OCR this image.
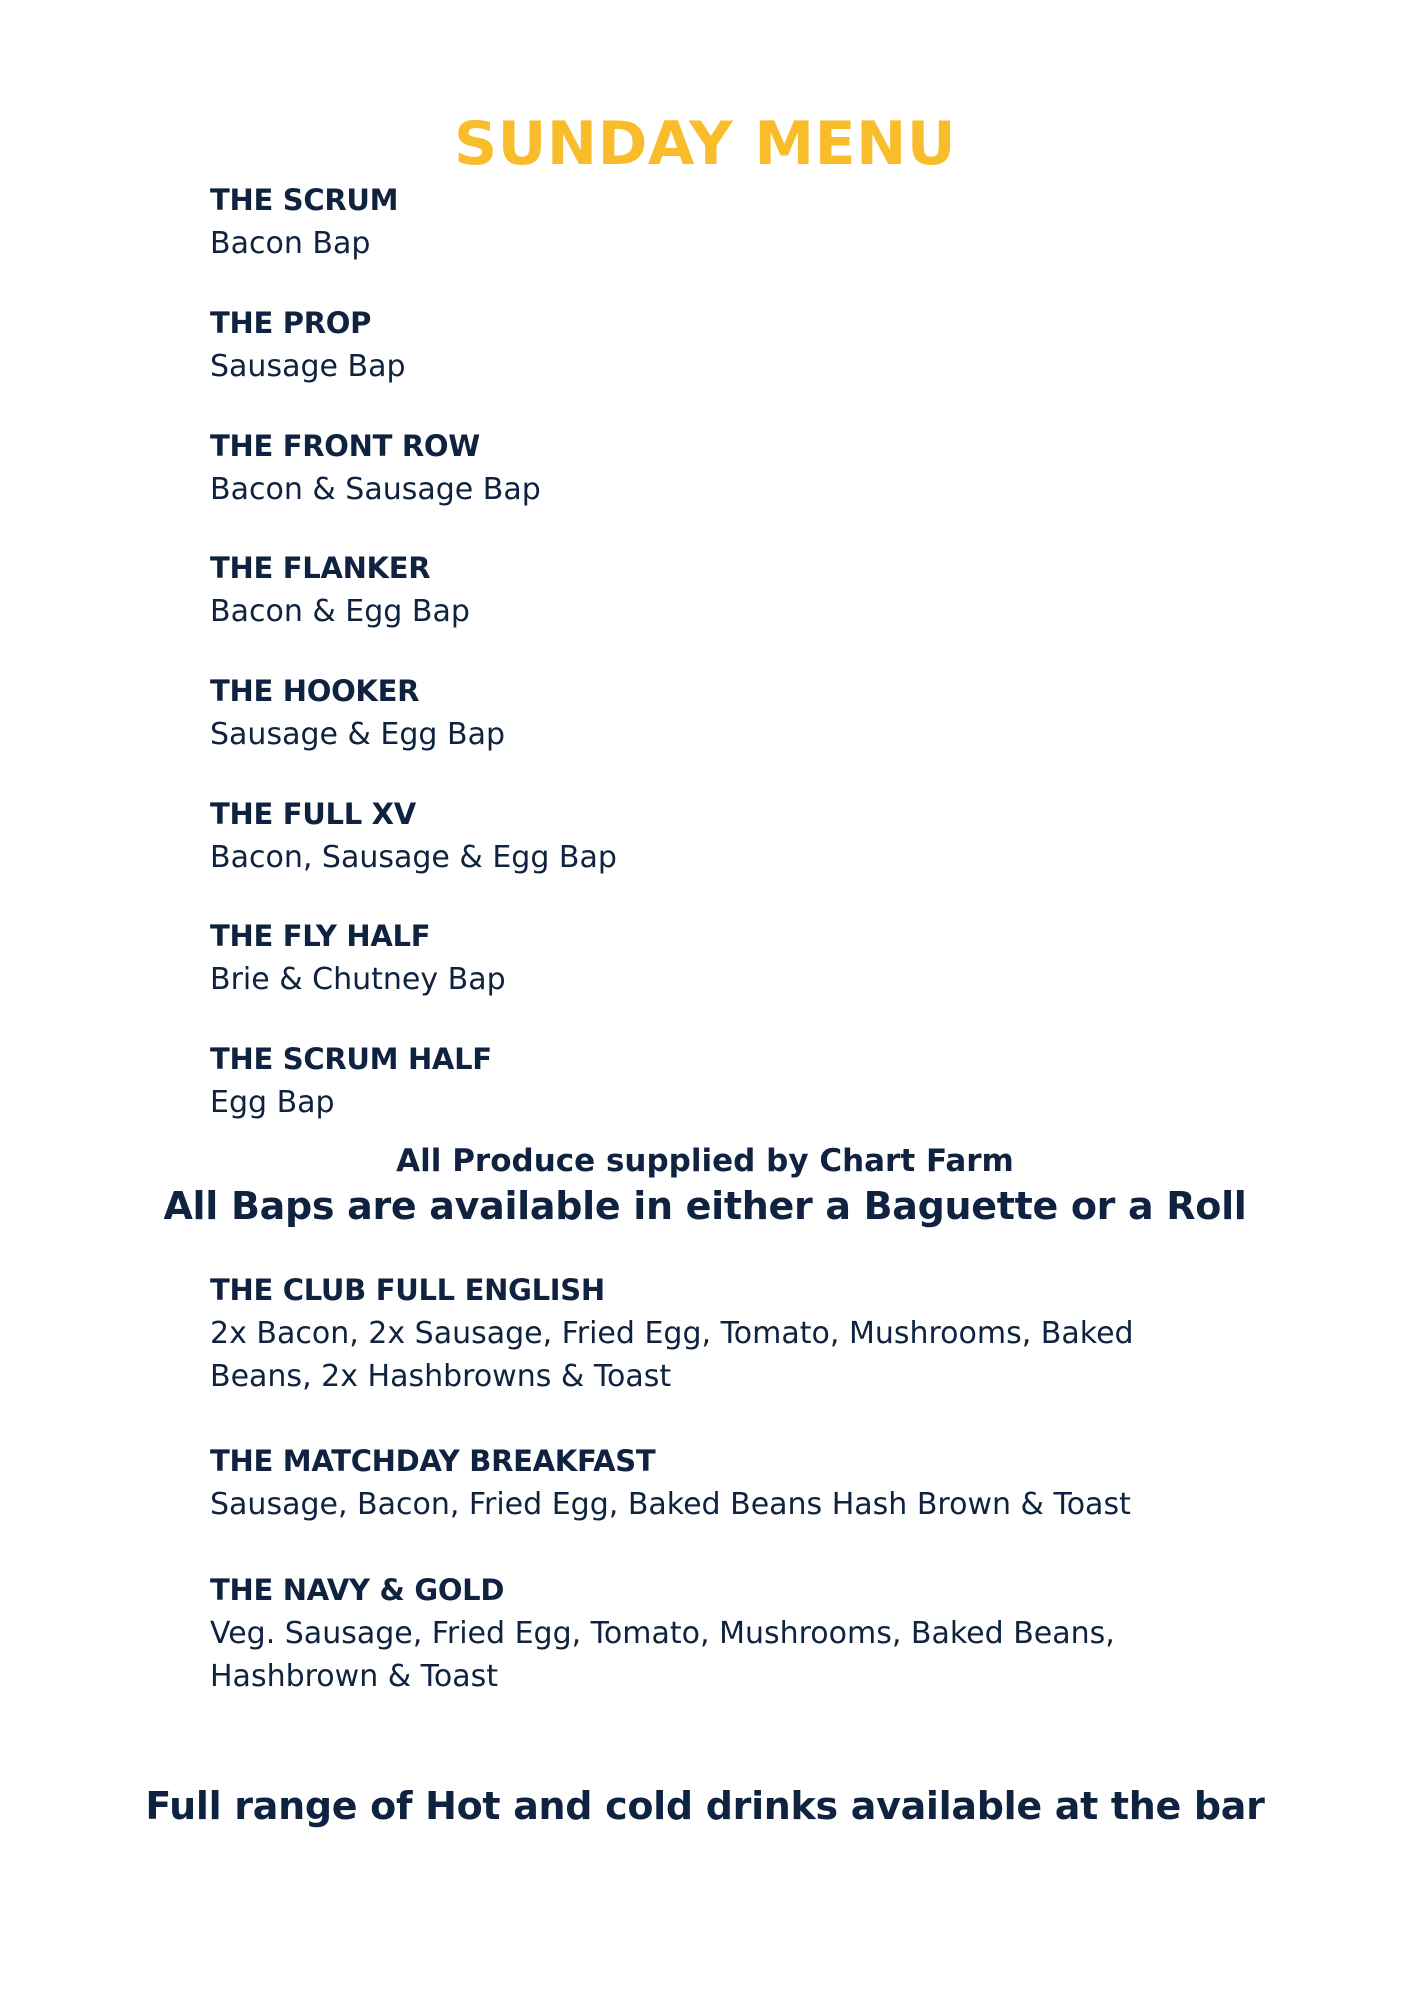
SUNDAY MENU
THE SCRUM
Bacon Bap
THE PROP
Sausage Bap
THE FRONT ROW
Bacon & Sausage Bap
THE FLANKER
Bacon & Egg Bap
THE HOOKER
Sausage & Egg Bap
THE FULL XV
Bacon, Sausage & Egg Bap
THE FLY HALF
Brie & Chutney Bap
THE SCRUM HALF
Egg Bap
All Produce supplied by Chart Farm
All Baps are available in either a Baguette or a Roll
THE CLUB FULL ENGLISH
2x Bacon, 2x Sausage, Fried Egg, Tomato, Mushrooms, Baked Beans, 2x Hashbrowns & Toast
THE MATCHDAY BREAKFAST
Sausage, Bacon, Fried Egg, Baked Beans Hash Brown & Toast
THE NAVY & GOLD
Veg. Sausage, Fried Egg, Tomato, Mushrooms, Baked Beans, Hashbrown & Toast
Full range of Hot and cold drinks available at the bar
